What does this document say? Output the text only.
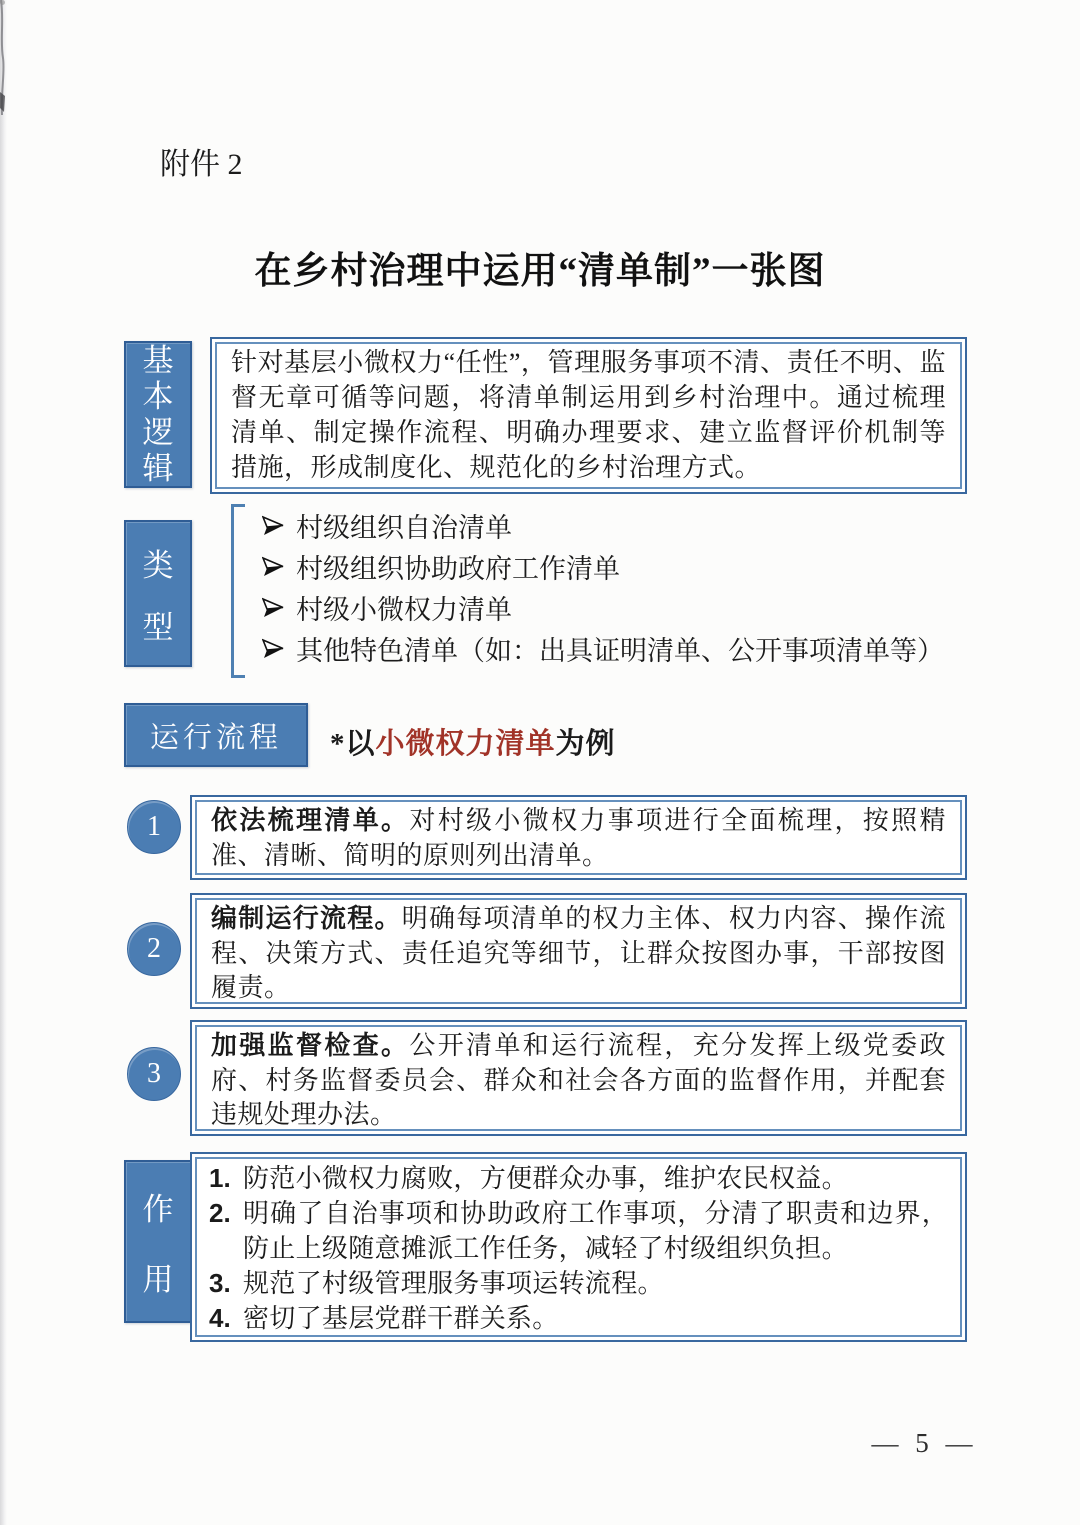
附件 2
在乡村治理中运用“清单制”一张图
基本逻辑

针对基层小微权力“任性”，管理服务事项不清、责任不明、监督无章可循等问题，将清单制运用到乡村治理中。通过梳理清单、制定操作流程、明确办理要求、建立监督评价机制等措施，形成制度化、规范化的乡村治理方式。

类
型
村级组织自治清单
村级组织协助政府工作清单
村级小微权力清单
其他特色清单（如：出具证明清单、公开事项清单等）
运行流程 *以小微权力清单为例
1 依法梳理清单。对村级小微权力事项进行全面梳理，按照精准、清晰、简明的原则列出清单。

2

编制运行流程。明确每项清单的权力主体、权力内容、操作流程、决策方式、责任追究等细节，让群众按图办事，干部按图履责。

3

加强监督检查。公开清单和运行流程，充分发挥上级党委政府、村务监督委员会、群众和社会各方面的监督作用，并配套违规处理办法。

作
用
1. 防范小微权力腐败，方便群众办事，维护农民权益。
2. 明确了自治事项和协助政府工作事项，分清了职责和边界，防止上级随意摊派工作任务，减轻了村级组织负担。
3. 规范了村级管理服务事项运转流程。
4. 密切了基层党群干群关系。
— 5 —
